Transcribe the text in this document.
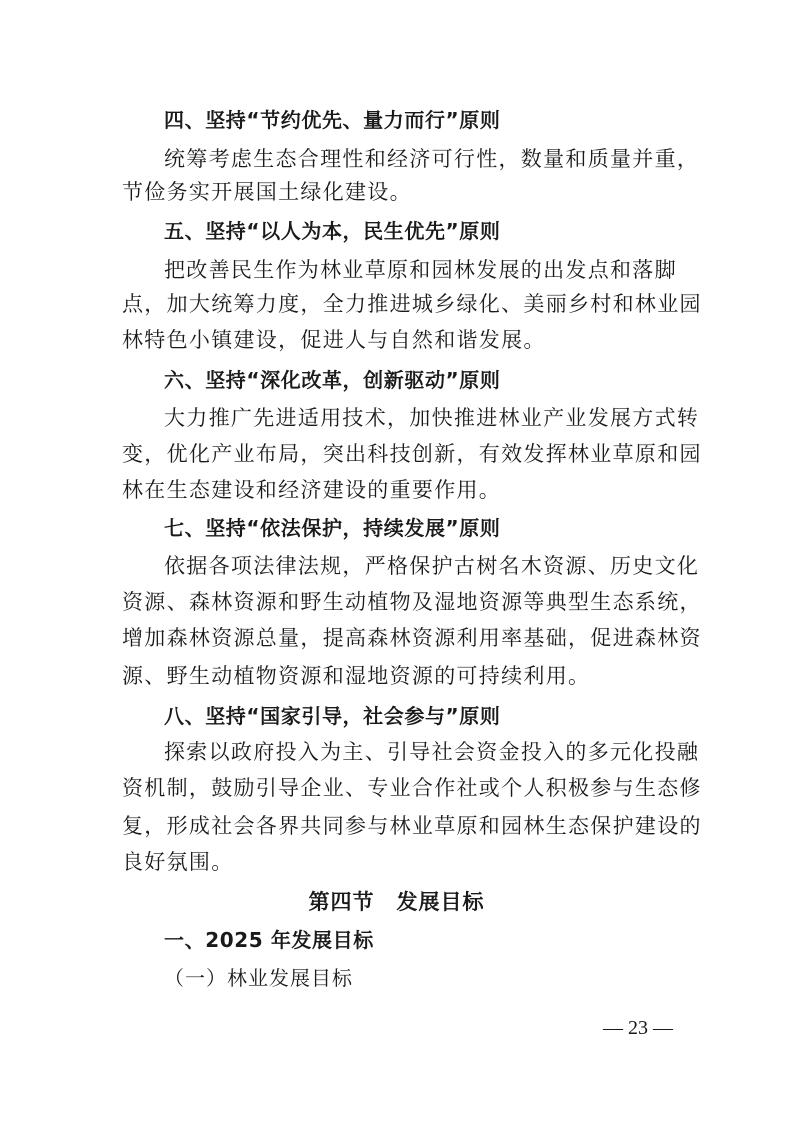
四、坚持“节约优先、量力而行”原则
统筹考虑生态合理性和经济可行性，数量和质量并重，
节俭务实开展国土绿化建设。
五、坚持“以人为本，民生优先”原则
把改善民生作为林业草原和园林发展的出发点和落脚
点，加大统筹力度，全力推进城乡绿化、美丽乡村和林业园
林特色小镇建设，促进人与自然和谐发展。
六、坚持“深化改革，创新驱动”原则
大力推广先进适用技术，加快推进林业产业发展方式转
变，优化产业布局，突出科技创新，有效发挥林业草原和园
林在生态建设和经济建设的重要作用。
七、坚持“依法保护，持续发展”原则
依据各项法律法规，严格保护古树名木资源、历史文化
资源、森林资源和野生动植物及湿地资源等典型生态系统，
增加森林资源总量，提高森林资源利用率基础，促进森林资
源、野生动植物资源和湿地资源的可持续利用。
八、坚持“国家引导，社会参与”原则
探索以政府投入为主、引导社会资金投入的多元化投融
资机制，鼓励引导企业、专业合作社或个人积极参与生态修
复，形成社会各界共同参与林业草原和园林生态保护建设的
良好氛围。
第四节　发展目标
一、2025 年发展目标
（一）林业发展目标
— 23 —
